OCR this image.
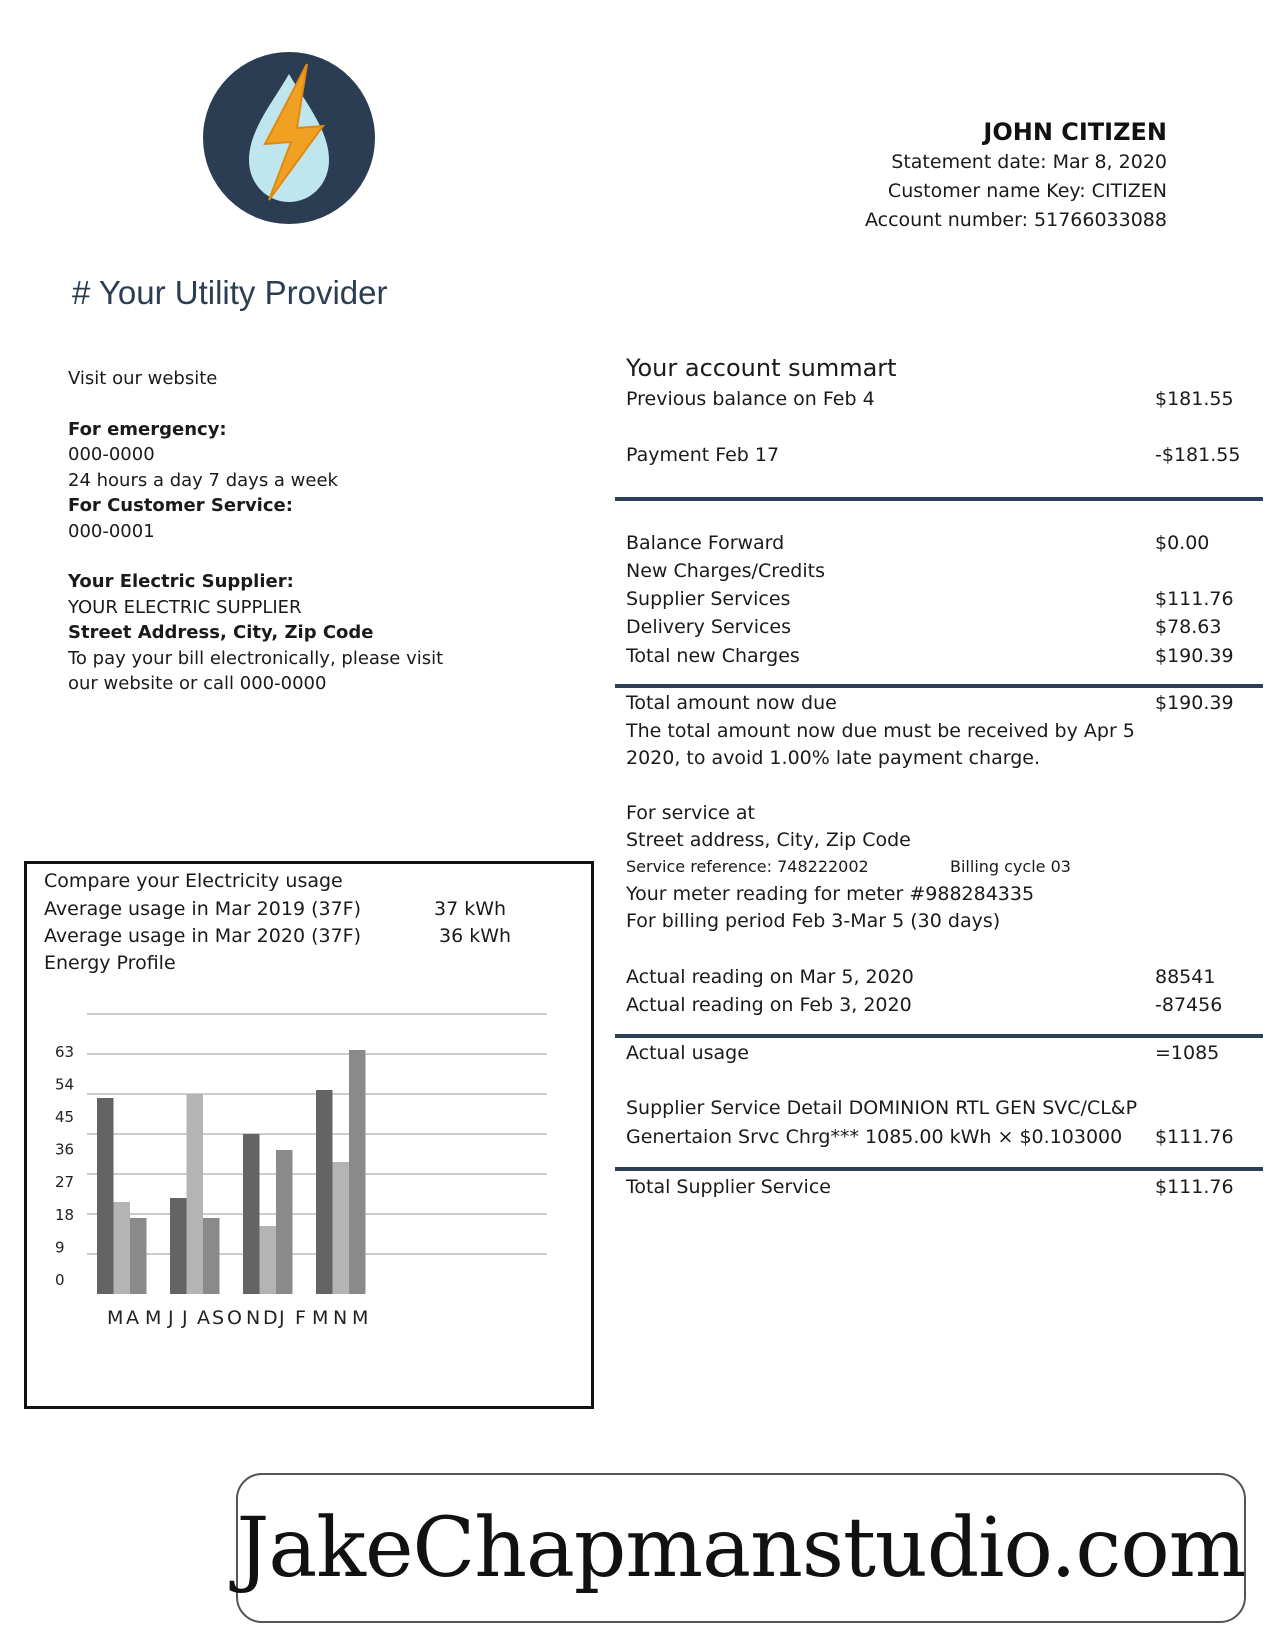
JOHN CITIZEN
Statement date: Mar 8, 2020
Customer name Key: CITIZEN
Account number: 51766033088
# Your Utility Provider
Visit our website
For emergency:
000-0000
24 hours a day 7 days a week
For Customer Service:
000-0001
Your Electric Supplier:
YOUR ELECTRIC SUPPLIER
Street Address, City, Zip Code
To pay your bill electronically, please visit
our website or call 000-0000
Your account summart
Previous balance on Feb 4	$181.55
Payment Feb 17	-$181.55
Balance Forward	$0.00
New Charges/Credits
Supplier Services	$111.76
Delivery Services	$78.63
Total new Charges	$190.39
Total amount now due	$190.39
The total amount now due must be received by Apr 5
2020, to avoid 1.00% late payment charge.
For service at
Street address, City, Zip Code
Service reference: 748222002	Billing cycle 03
Your meter reading for meter #988284335
For billing period Feb 3-Mar 5 (30 days)
Actual reading on Mar 5, 2020	88541
Actual reading on Feb 3, 2020	-87456
Actual usage	=1085
Supplier Service Detail DOMINION RTL GEN SVC/CL&P
Genertaion Srvc Chrg*** 1085.00 kWh × $0.103000 $111.76
Total Supplier Service	$111.76
Compare your Electricity usage
Average usage in Mar 2019 (37F)	37 kWh
Average usage in Mar 2020 (37F)	36 kWh
Energy Profile
0
9
18
27
36
45
54
63
M A M J J A S O N D J F M N M
JakeChapmanstudio.com
